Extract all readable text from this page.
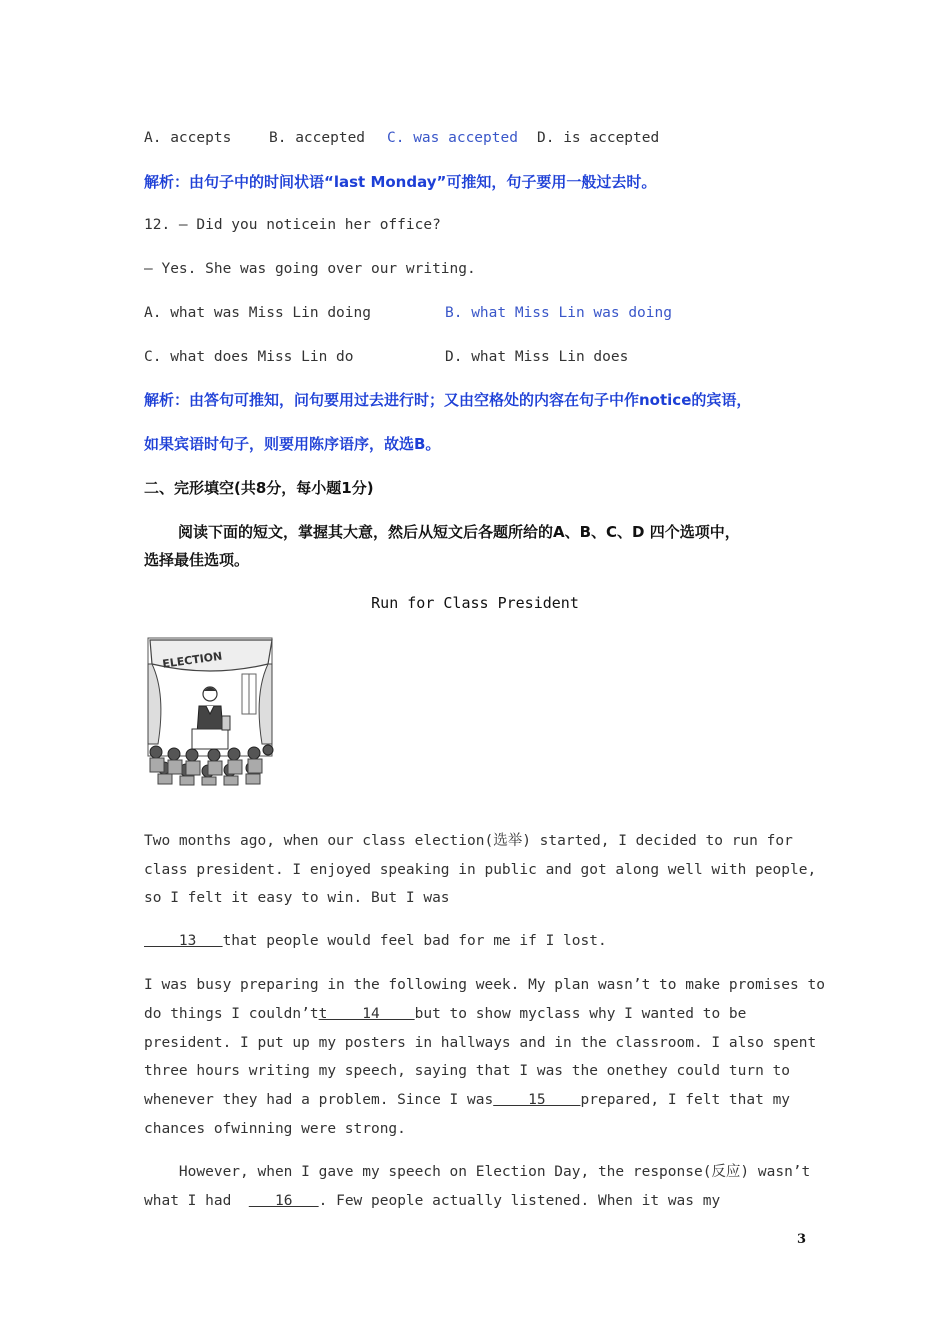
A. accepts	B. accepted C. was accepted D. is accepted
解析：由句子中的时间状语“last Monday”可推知，句子要用一般过去时。
12. — Did you noticein her office?
— Yes. She was going over our writing.
A. what was Miss Lin doing	B. what Miss Lin was doing
C. what does Miss Lin do	D. what Miss Lin does
解析：由答句可推知，问句要用过去进行时；又由空格处的内容在句子中作notice的宾语，
如果宾语时句子，则要用陈序语序，故选B。
二、完形填空(共8分，每小题1分)
阅读下面的短文，掌握其大意，然后从短文后各题所给的A、B、C、D 四个选项中，
选择最佳选项。
Run for Class President
ELECTION
Two months ago, when our class election(选举) started, I decided to run for
class president. I enjoyed speaking in public and got along well with people,
so I felt it easy to win. But I was
13   that people would feel bad for me if I lost.
I was busy preparing in the following week. My plan wasn’t to make promises to
do things I couldn’tt    14    but to show myclass why I wanted to be
president. I put up my posters in hallways and in the classroom. I also spent
three hours writing my speech, saying that I was the onethey could turn to
whenever they had a problem. Since I was    15    prepared, I felt that my
chances ofwinning were strong.
However, when I gave my speech on Election Day, the response(反应) wasn’t
what I had     16   . Few people actually listened. When it was my
3
